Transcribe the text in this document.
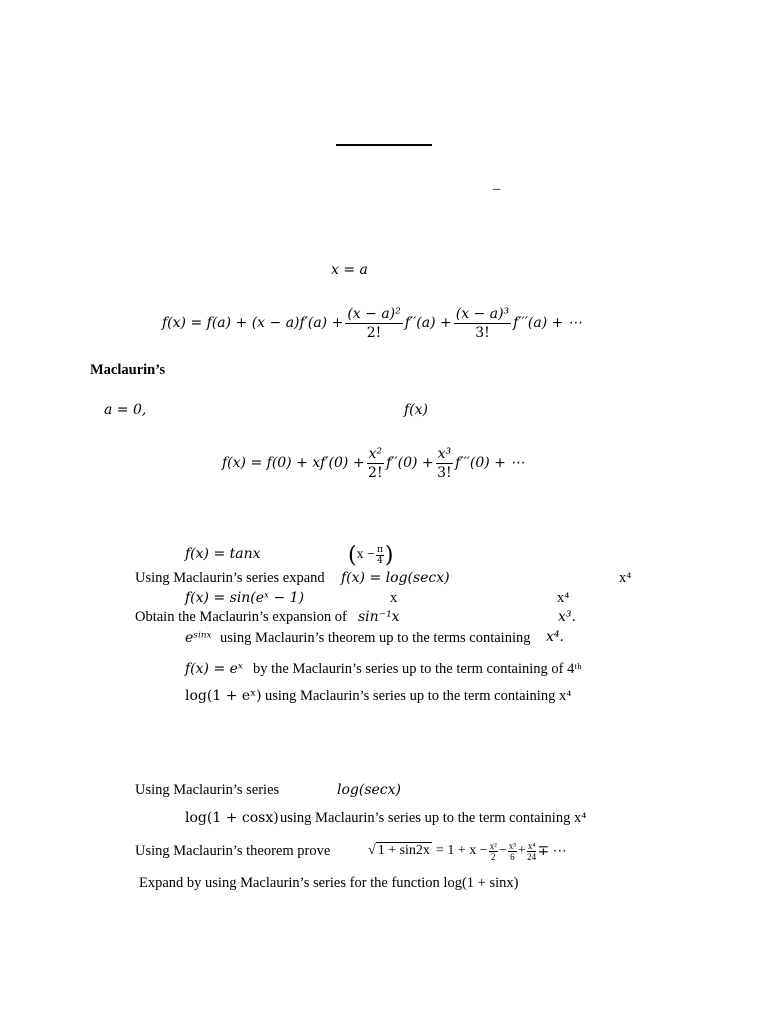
–
x = a
$f(x) = f(a) + (x - a)f'(a) + \frac{\text{(x − a)²}}{2!} f''(a) + \frac{\text{(x − a)³}}{3!} f'''(a)$ + ⋯
Maclaurin’s
a = 0,	f(x)
$f(x) = f(0) + xf'(0) + \frac{\text{x²}}{2!} f''(0) + \frac{\text{x³}}{3!} f'''(0)$ + ⋯
f(x) = tanx	( $x - \frac{\pi}{4}$ )
Using Maclaurin’s series expand f(x) = log(secx)	x⁴
f(x) = sin(eˣ − 1)	x	x⁴
Obtain the Maclaurin’s expansion of sin⁻¹x	x³.
eˢⁱⁿˣ using Maclaurin’s theorem up to the terms containing x⁴.
f(x) = eˣ by the Maclaurin’s series up to the term containing of 4ᵗʰ
log(1 + eˣ) using Maclaurin’s series up to the term containing x⁴
Using Maclaurin’s series	log(secx)
log(1 + cosx) using Maclaurin’s series up to the term containing x⁴
Using Maclaurin’s theorem prove	√ $1 + \sin 2x = 1 + x - \frac{\text{x²}}{2} - \frac{\text{x³}}{6} + \frac{\text{x⁴}}{24}$ ∓ ⋯
Expand by using Maclaurin’s series for the function log(1 + sinx)
